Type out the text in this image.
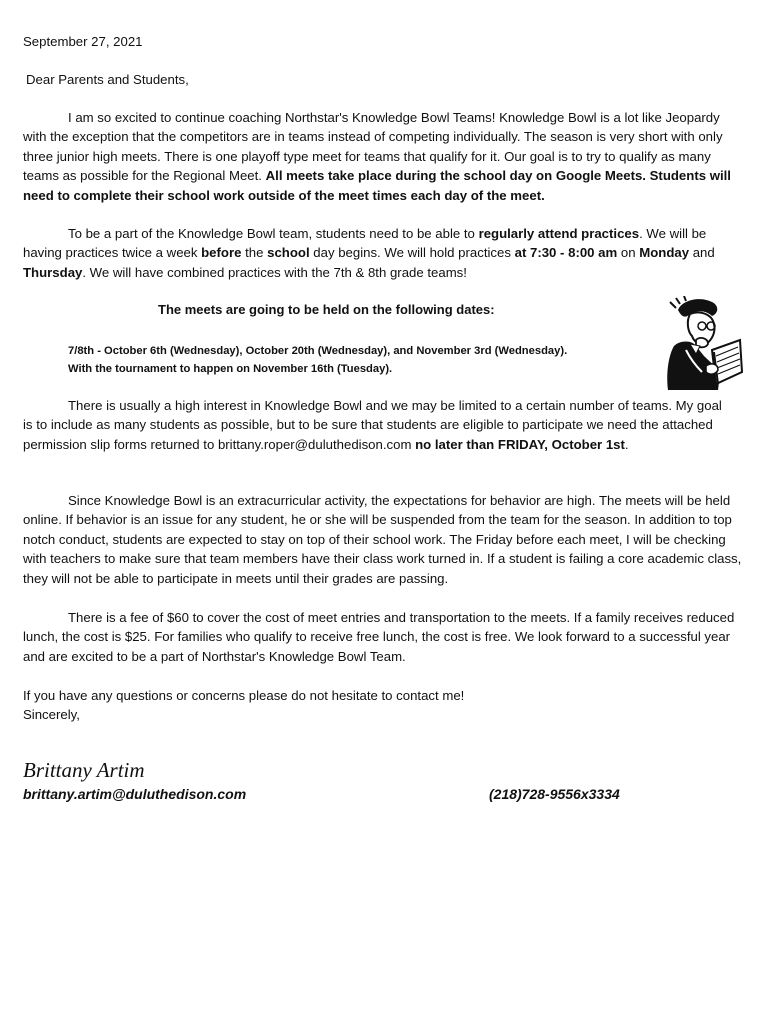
September 27, 2021
Dear Parents and Students,

I am so excited to continue coaching Northstar's Knowledge Bowl Teams! Knowledge Bowl is a lot like Jeopardy with the exception that the competitors are in teams instead of competing individually. The season is very short with only three junior high meets. There is one playoff type meet for teams that qualify for it. Our goal is to try to qualify as many teams as possible for the Regional Meet. All meets take place during the school day on Google Meets. Students will need to complete their school work outside of the meet times each day of the meet.

To be a part of the Knowledge Bowl team, students need to be able to regularly attend practices. We will be having practices twice a week before the school day begins. We will hold practices at 7:30 - 8:00 am on Monday and Thursday. We will have combined practices with the 7th & 8th grade teams!

The meets are going to be held on the following dates:
7/8th - October 6th (Wednesday), October 20th (Wednesday), and November 3rd (Wednesday).
With the tournament to happen on November 16th (Tuesday).

There is usually a high interest in Knowledge Bowl and we may be limited to a certain number of teams. My goal is to include as many students as possible, but to be sure that students are eligible to participate we need the attached permission slip forms returned to brittany.roper@duluthedison.com no later than FRIDAY, October 1st.

Since Knowledge Bowl is an extracurricular activity, the expectations for behavior are high. The meets will be held online. If behavior is an issue for any student, he or she will be suspended from the team for the season. In addition to top notch conduct, students are expected to stay on top of their school work. The Friday before each meet, I will be checking with teachers to make sure that team members have their class work turned in. If a student is failing a core academic class, they will not be able to participate in meets until their grades are passing.

There is a fee of $60 to cover the cost of meet entries and transportation to the meets. If a family receives reduced lunch, the cost is $25. For families who qualify to receive free lunch, the cost is free. We look forward to a successful year and are excited to be a part of Northstar's Knowledge Bowl Team.

If you have any questions or concerns please do not hesitate to contact me!
Sincerely,
Brittany Artim
brittany.artim@duluthedison.com	(218)728-9556x3334
